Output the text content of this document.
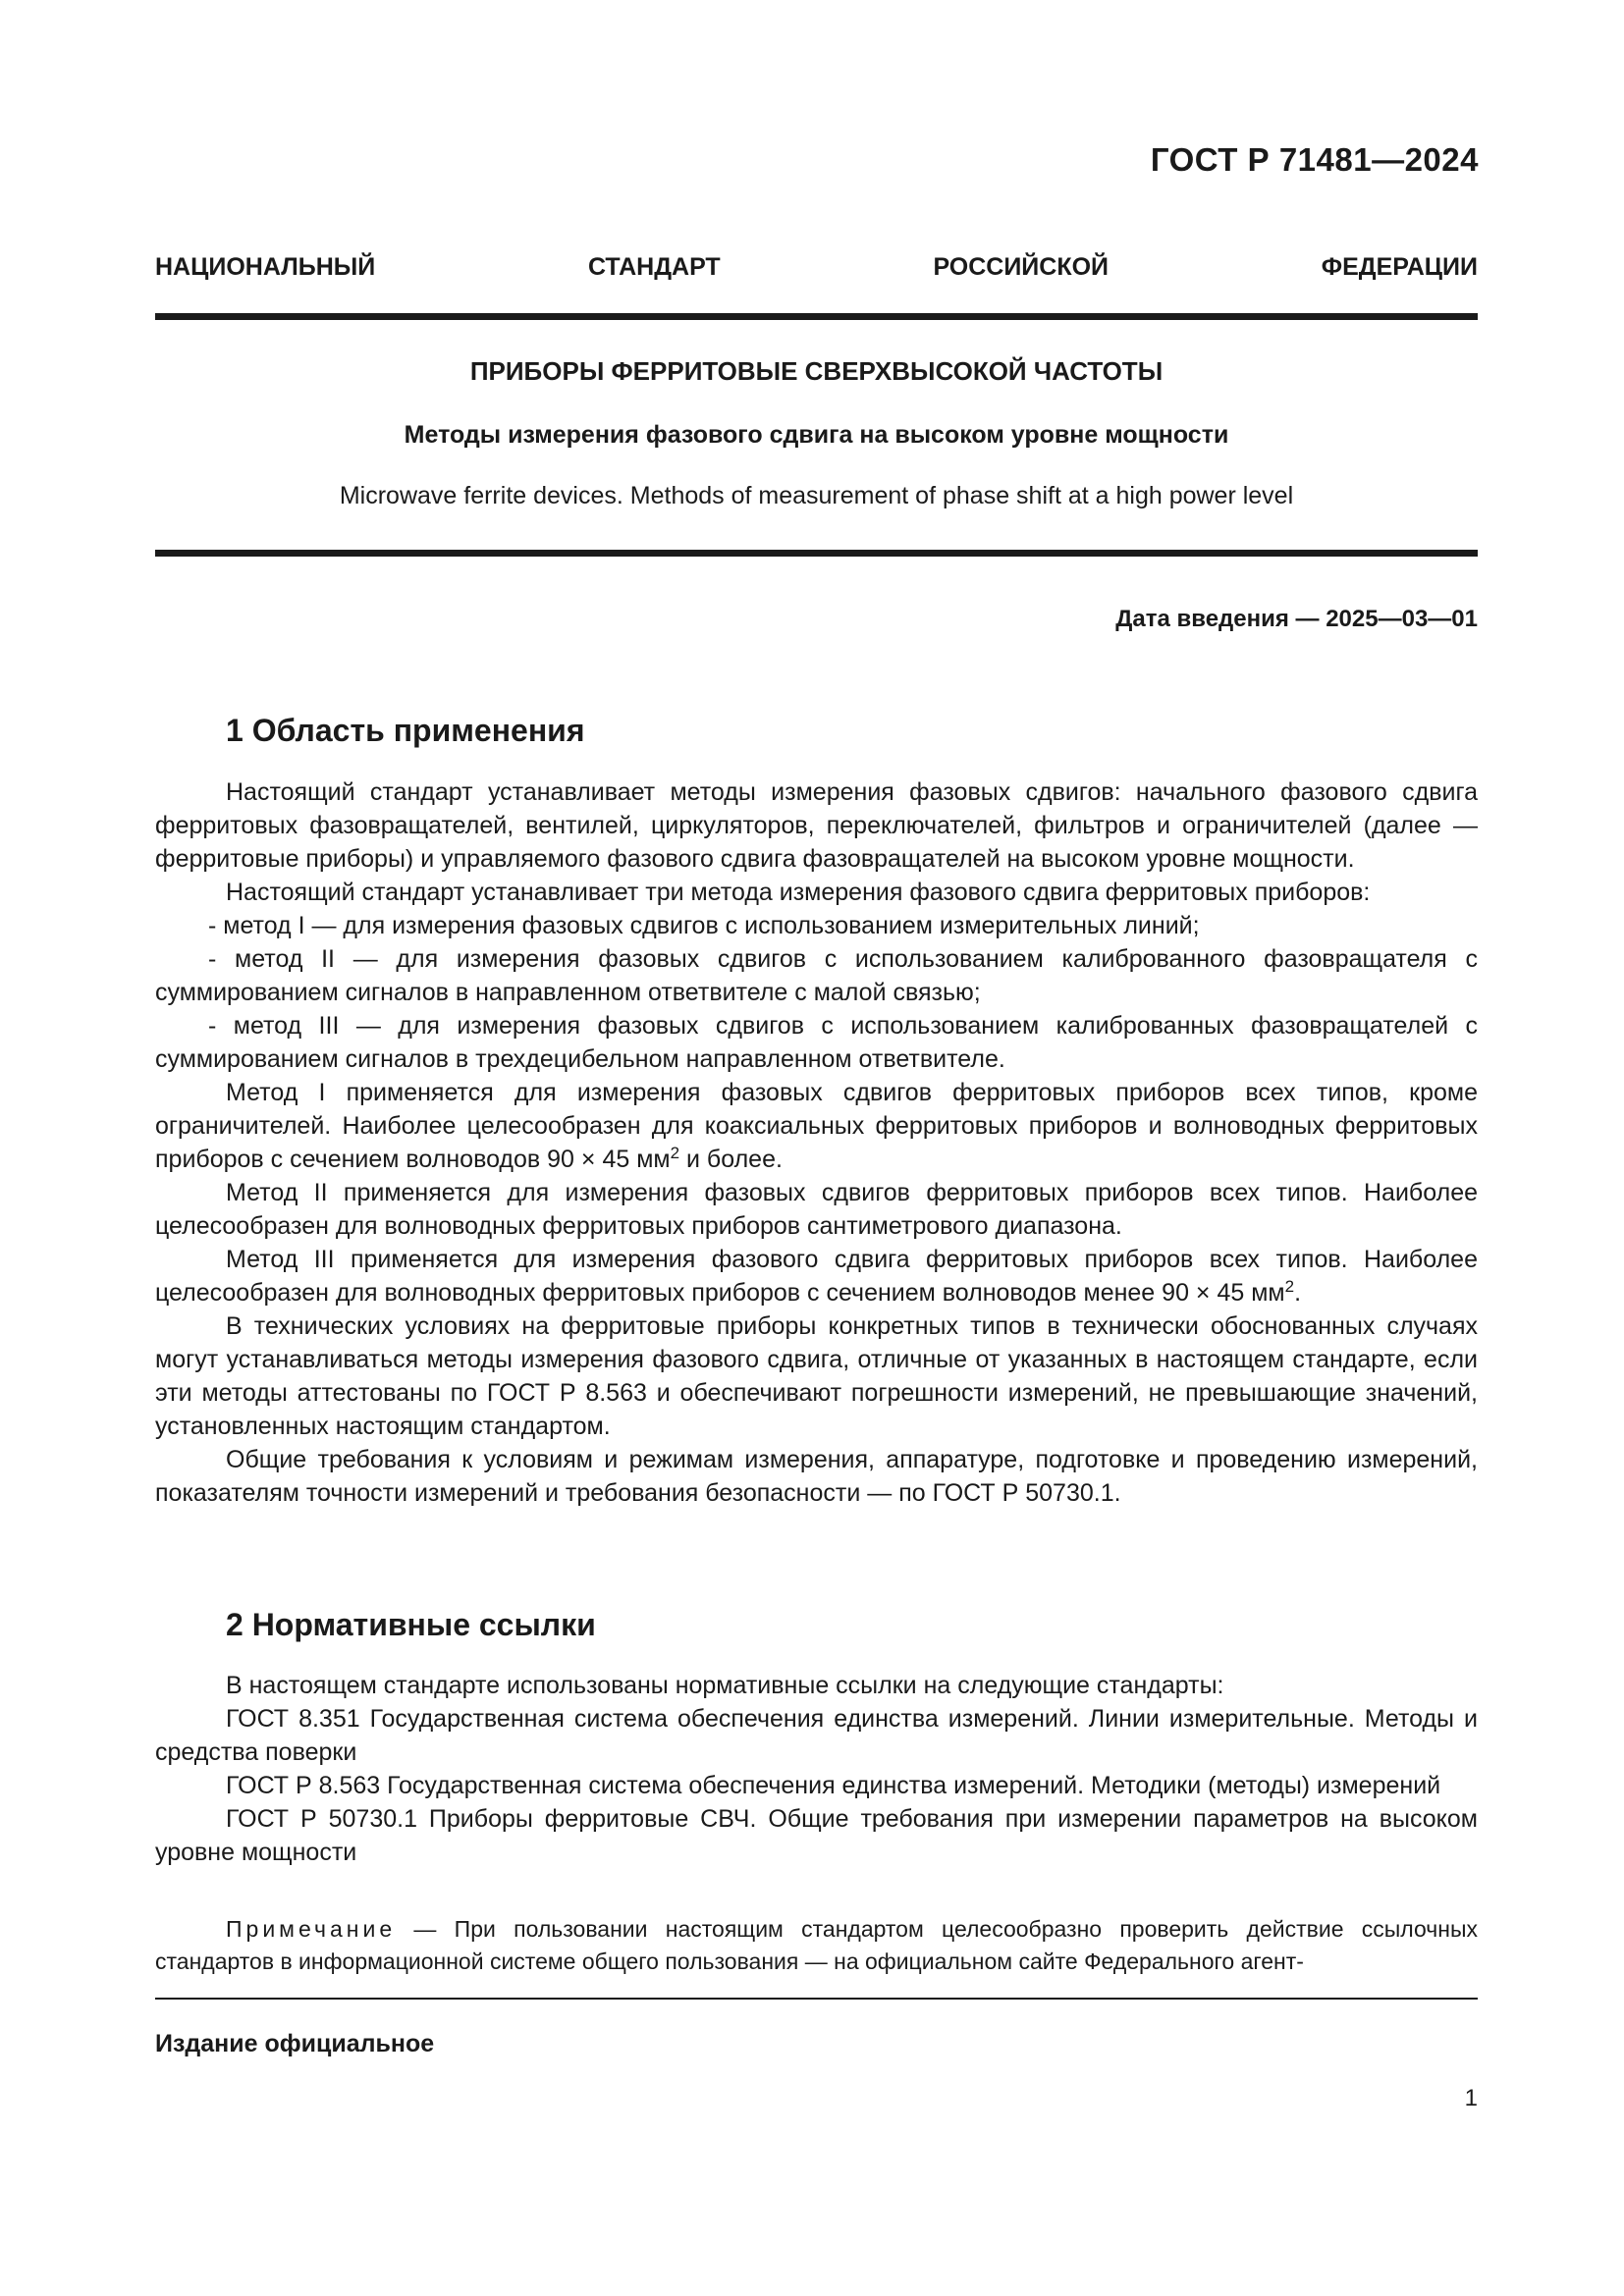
ГОСТ Р 71481—2024
НАЦИОНАЛЬНЫЙ СТАНДАРТ РОССИЙСКОЙ ФЕДЕРАЦИИ
ПРИБОРЫ ФЕРРИТОВЫЕ СВЕРХВЫСОКОЙ ЧАСТОТЫ
Методы измерения фазового сдвига на высоком уровне мощности
Microwave ferrite devices. Methods of measurement of phase shift at a high power level
Дата введения — 2025—03—01
1 Область применения

Настоящий стандарт устанавливает методы измерения фазовых сдвигов: начального фазового сдвига ферритовых фазовращателей, вентилей, циркуляторов, переключателей, фильтров и ограничителей (далее — ферритовые приборы) и управляемого фазового сдвига фазовращателей на высоком уровне мощности.

Настоящий стандарт устанавливает три метода измерения фазового сдвига ферритовых приборов:

- метод I — для измерения фазовых сдвигов с использованием измерительных линий;

- метод II — для измерения фазовых сдвигов с использованием калиброванного фазовращателя с суммированием сигналов в направленном ответвителе с малой связью;

- метод III — для измерения фазовых сдвигов с использованием калиброванных фазовращателей с суммированием сигналов в трехдецибельном направленном ответвителе.

Метод I применяется для измерения фазовых сдвигов ферритовых приборов всех типов, кроме ограничителей. Наиболее целесообразен для коаксиальных ферритовых приборов и волноводных ферритовых приборов с сечением волноводов 90 × 45 $мм^2$ и более.

Метод II применяется для измерения фазовых сдвигов ферритовых приборов всех типов. Наиболее целесообразен для волноводных ферритовых приборов сантиметрового диапазона.

Метод III применяется для измерения фазового сдвига ферритовых приборов всех типов. Наиболее целесообразен для волноводных ферритовых приборов с сечением волноводов менее 90 × 45 $мм^2$.

В технических условиях на ферритовые приборы конкретных типов в технически обоснованных случаях могут устанавливаться методы измерения фазового сдвига, отличные от указанных в настоящем стандарте, если эти методы аттестованы по ГОСТ Р 8.563 и обеспечивают погрешности измерений, не превышающие значений, установленных настоящим стандартом.

Общие требования к условиям и режимам измерения, аппаратуре, подготовке и проведению измерений, показателям точности измерений и требования безопасности — по ГОСТ Р 50730.1.

2 Нормативные ссылки

В настоящем стандарте использованы нормативные ссылки на следующие стандарты:

ГОСТ 8.351 Государственная система обеспечения единства измерений. Линии измерительные. Методы и средства поверки

ГОСТ Р 8.563 Государственная система обеспечения единства измерений. Методики (методы) измерений

ГОСТ Р 50730.1 Приборы ферритовые СВЧ. Общие требования при измерении параметров на высоком уровне мощности

Примечание — При пользовании настоящим стандартом целесообразно проверить действие ссылочных стандартов в информационной системе общего пользования — на официальном сайте Федерального агент-

Издание официальное
1
